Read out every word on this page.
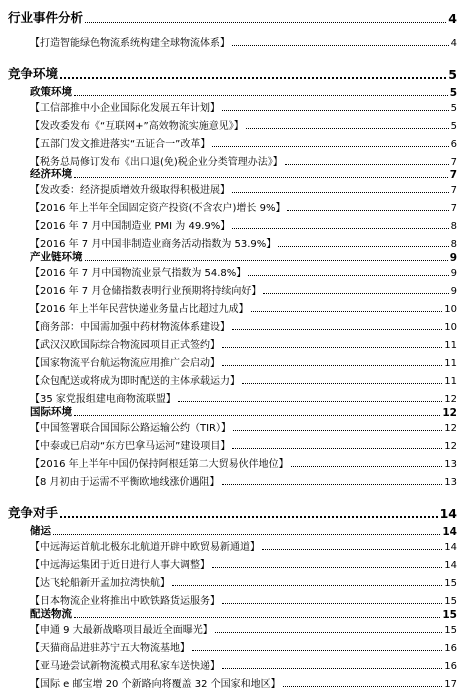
行业事件分析	4
【打造智能绿色物流系统构建全球物流体系】	4
竞争环境	5
政策环境	5
【工信部推中小企业国际化发展五年计划】	5
【发改委发布《“互联网+”高效物流实施意见》】	5
【五部门发文推进落实“五证合一”改革】	6
【税务总局修订发布《出口退(免)税企业分类管理办法》】	7
经济环境	7
【发改委：经济提质增效升级取得积极进展】	7
【2016 年上半年全国固定资产投资(不含农户)增长 9%】	7
【2016 年 7 月中国制造业 PMI 为 49.9%】	8
【2016 年 7 月中国非制造业商务活动指数为 53.9%】	8
产业链环境	9
【2016 年 7 月中国物流业景气指数为 54.8%】	9
【2016 年 7 月仓储指数表明行业预期将持续向好】	9
【2016 年上半年民营快递业务量占比超过九成】	10
【商务部：中国需加强中药材物流体系建设】	10
【武汉汉欧国际综合物流园项目正式签约】	11
【国家物流平台航运物流应用推广会启动】	11
【众包配送或将成为即时配送的主体承载运力】	11
【35 家党报组建电商物流联盟】	12
国际环境	12
【中国签署联合国国际公路运输公约（TIR）】	12
【中泰或已启动“东方巴拿马运河”建设项目】	12
【2016 年上半年中国仍保持阿根廷第二大贸易伙伴地位】	13
【8 月初由于运需不平衡欧地线涨价遇阻】	13
竞争对手	14
储运	14
【中远海运首航北极东北航道开辟中欧贸易新通道】	14
【中远海运集团于近日进行人事大调整】	14
【达飞轮船新开孟加拉湾快航】	15
【日本物流企业将推出中欧铁路货运服务】	15
配送物流	15
【申通 9 大最新战略项目最近全面曝光】	15
【天猫商品进驻苏宁五大物流基地】	16
【亚马逊尝试新物流模式用私家车送快递】	16
【国际 e 邮宝增 20 个新路向将覆盖 32 个国家和地区】	17
